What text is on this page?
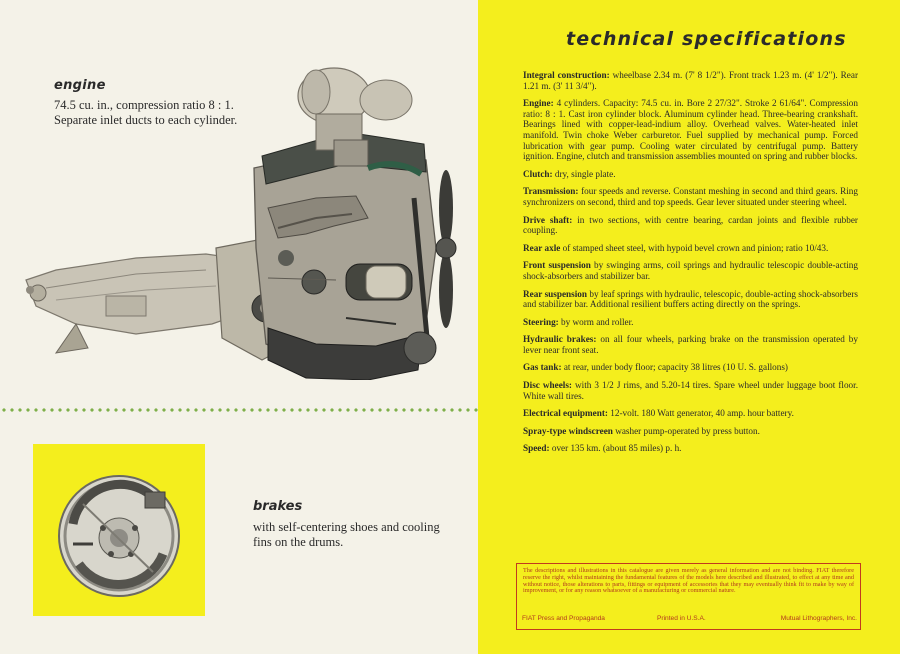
engine
74.5 cu. in., compression ratio 8 : 1. Separate inlet ducts to each cylinder.
brakes
with self-centering shoes and cooling fins on the drums.
technical specifications

Integral construction: wheelbase 2.34 m. (7' 8 1/2"). Front track 1.23 m. (4' 1/2"). Rear 1.21 m. (3' 11 3/4").

Engine: 4 cylinders. Capacity: 74.5 cu. in. Bore 2 27/32". Stroke 2 61/64". Compression ratio: 8 : 1. Cast iron cylinder block. Aluminum cylinder head. Three-bearing crankshaft. Bearings lined with copper-lead-indium alloy. Overhead valves. Water-heated inlet manifold. Twin choke Weber carburetor. Fuel supplied by mechanical pump. Forced lubrication with gear pump. Cooling water circulated by centrifugal pump. Battery ignition. Engine, clutch and transmission assemblies mounted on spring and rubber blocks.

Clutch: dry, single plate.

Transmission: four speeds and reverse. Constant meshing in second and third gears. Ring synchronizers on second, third and top speeds. Gear lever situated under steering wheel.

Drive shaft: in two sections, with centre bearing, cardan joints and flexible rubber coupling.

Rear axle of stamped sheet steel, with hypoid bevel crown and pinion; ratio 10/43.

Front suspension by swinging arms, coil springs and hydraulic telescopic double-acting shock-absorbers and stabilizer bar.

Rear suspension by leaf springs with hydraulic, telescopic, double-acting shock-absorbers and stabilizer bar. Additional resilient buffers acting directly on the springs.

Steering: by worm and roller.

Hydraulic brakes: on all four wheels, parking brake on the transmission operated by lever near front seat.

Gas tank: at rear, under body floor; capacity 38 litres (10 U. S. gallons)

Disc wheels: with 3 1/2 J rims, and 5.20-14 tires. Spare wheel under luggage boot floor. White wall tires.

Electrical equipment: 12-volt. 180 Watt generator, 40 amp. hour battery.

Spray-type windscreen washer pump-operated by press button.

Speed: over 135 km. (about 85 miles) p. h.

The descriptions and illustrations in this catalogue are given merely as general information and are not binding. FIAT therefore reserve the right, whilst maintaining the fundamental features of the models here described and illustrated, to effect at any time and without notice, those alterations to parts, fittings or equipment of accessories that they may eventually think fit to make by way of improvement, or for any reason whatsoever of a manufacturing or commercial nature.
FIAT Press and Propaganda	Printed in U.S.A.	Mutual Lithographers, Inc.
